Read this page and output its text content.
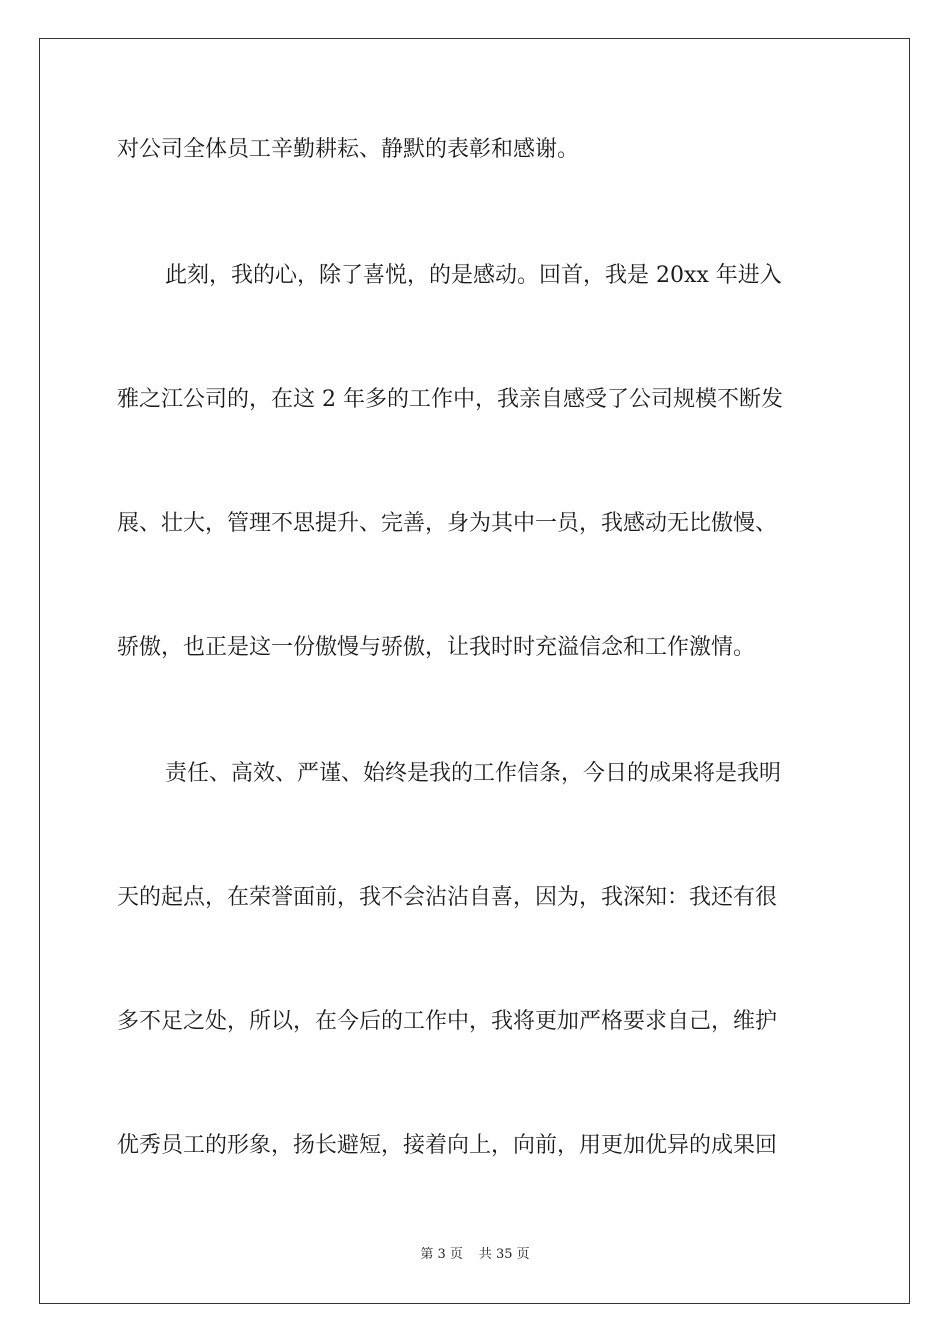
对公司全体员工辛勤耕耘、静默的表彰和感谢。
此刻，我的心，除了喜悦，的是感动。回首，我是 20xx 年进入
雅之江公司的，在这 2 年多的工作中，我亲自感受了公司规模不断发
展、壮大，管理不思提升、完善，身为其中一员，我感动无比傲慢、
骄傲，也正是这一份傲慢与骄傲，让我时时充溢信念和工作激情。
责任、高效、严谨、始终是我的工作信条，今日的成果将是我明
天的起点，在荣誉面前，我不会沾沾自喜，因为，我深知：我还有很
多不足之处，所以，在今后的工作中，我将更加严格要求自己，维护
优秀员工的形象，扬长避短，接着向上，向前，用更加优异的成果回
第 3 页 共 35 页
